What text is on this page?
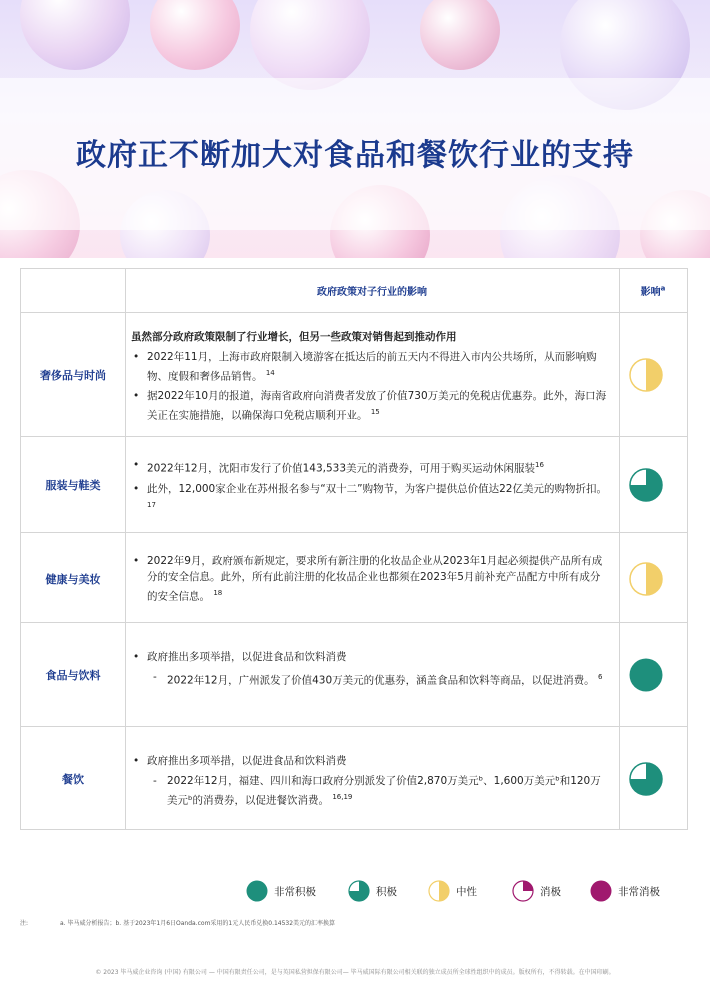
政府正不断加大对食品和餐饮行业的支持
政府政策对子行业的影响	影响$^a$
奢侈品与时尚
虽然部分政府政策限制了行业增长，但另一些政策对销售起到推动作用
• 2022年11月，上海市政府限制入境游客在抵达后的前五天内不得进入市内公共场所，从而影响购物、度假和奢侈品销售。 $^{14}$
• 据2022年10月的报道，海南省政府向消费者发放了价值730万美元的免税店优惠券。此外，海口海关正在实施措施，以确保海口免税店顺利开业。 $^{15}$
服装与鞋类
• 2022年12月，沈阳市发行了价值143,533美元的消费券，可用于购买运动休闲服装$^{16}$
• 此外，12,000家企业在苏州报名参与“双十二”购物节，为客户提供总价值达22亿美元的购物折扣。 $^{17}$
健康与美妆
• 2022年9月，政府颁布新规定，要求所有新注册的化妆品企业从2023年1月起必须提供产品所有成分的安全信息。此外，所有此前注册的化妆品企业也都须在2023年5月前补充产品配方中所有成分的安全信息。 $^{18}$
食品与饮料
• 政府推出多项举措，以促进食品和饮料消费
- 2022年12月，广州派发了价值430万美元的优惠券，涵盖食品和饮料等商品，以促进消费。 $^6$
餐饮
• 政府推出多项举措，以促进食品和饮料消费
- 2022年12月，福建、四川和海口政府分别派发了价值2,870万美元ᵇ、1,600万美元ᵇ和120万美元ᵇ的消费券，以促进餐饮消费。 $^{16,19}$
非常积极	积极	中性	消极	非常消极
注:	a. 毕马威分析报告；b. 基于2023年1月6日Oanda.com采用的1元人民币兑换0.14532美元的汇率换算
© 2023 毕马威企业咨询 (中国) 有限公司 — 中国有限责任公司，是与英国私营担保有限公司— 毕马威国际有限公司相关联的独立成员所全球性组织中的成员。版权所有，不得转载。在中国印刷。
